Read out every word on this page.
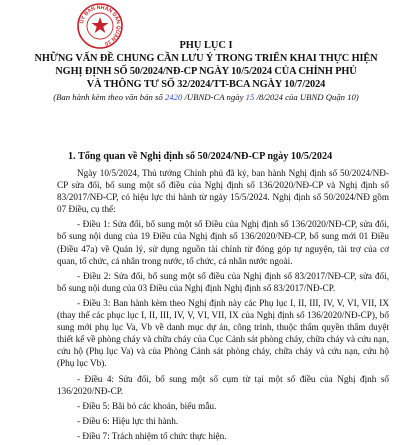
ỦY BAN NHÂN DÂN QUẬN 10	PHỤ LỤC I
NHỮNG VẤN ĐỀ CHUNG CẦN LƯU Ý TRONG TRIỂN KHAI THỰC HIỆN
NGHỊ ĐỊNH SỐ 50/2024/NĐ-CP NGÀY 10/5/2024 CỦA CHÍNH PHỦ
VÀ THÔNG TƯ SỐ 32/2024/TT-BCA NGÀY 10/7/2024
(Ban hành kèm theo văn bản số 2420 /UBND-CA ngày 15 /8/2024 của UBND Quận 10)
1. Tổng quan về Nghị định số 50/2024/NĐ-CP ngày 10/5/2024

Ngày 10/5/2024, Thủ tướng Chính phủ đã ký, ban hành Nghị định số 50/2024/NĐ-CP sửa đổi, bổ sung một số điều của Nghị định số 136/2020/NĐ-CP và Nghị định số 83/2017/NĐ-CP, có hiệu lực thi hành từ ngày 15/5/2024. Nghị định số 50/2024/NĐ gồm 07 Điều, cụ thể:

- Điều 1: Sửa đổi, bổ sung một số Điều của Nghị định số 136/2020/NĐ-CP, sửa đổi, bổ sung nội dung của 19 Điều của Nghị định số 136/2020/NĐ-CP, bổ sung mới 01 Điều (Điều 47a) về Quản lý, sử dụng nguồn tài chính từ đóng góp tự nguyện, tài trợ của cơ quan, tổ chức, cá nhân trong nước, tổ chức, cá nhân nước ngoài.

- Điều 2: Sửa đổi, bổ sung một số điều của Nghị định số 83/2017/NĐ-CP, sửa đổi, bổ sung nội dung của 03 Điều của Nghị định Nghị định số 83/2017/NĐ-CP.

- Điều 3: Ban hành kèm theo Nghị định này các Phụ lục I, II, III, IV, V, VI, VII, IX (thay thế các phục lục I, II, III, IV, V, VI, VII, IX của Nghị định số 136/2020/NĐ-CP), bổ sung mới phụ lục Va, Vb về danh mục dự án, công trình, thuộc thẩm quyền thẩm duyệt thiết kế về phòng cháy và chữa cháy của Cục Cảnh sát phòng cháy, chữa cháy và cứu nạn, cứu hộ (Phụ lục Va) và của Phòng Cảnh sát phòng cháy, chữa cháy và cứu nạn, cứu hộ (Phụ lục Vb).

- Điều 4: Sửa đổi, bổ sung một số cụm từ tại một số điều của Nghị định số 136/2020/NĐ-CP.

- Điều 5: Bãi bỏ các khoản, biểu mẫu.

- Điều 6: Hiệu lực thi hành.

- Điều 7: Trách nhiệm tổ chức thực hiện.
